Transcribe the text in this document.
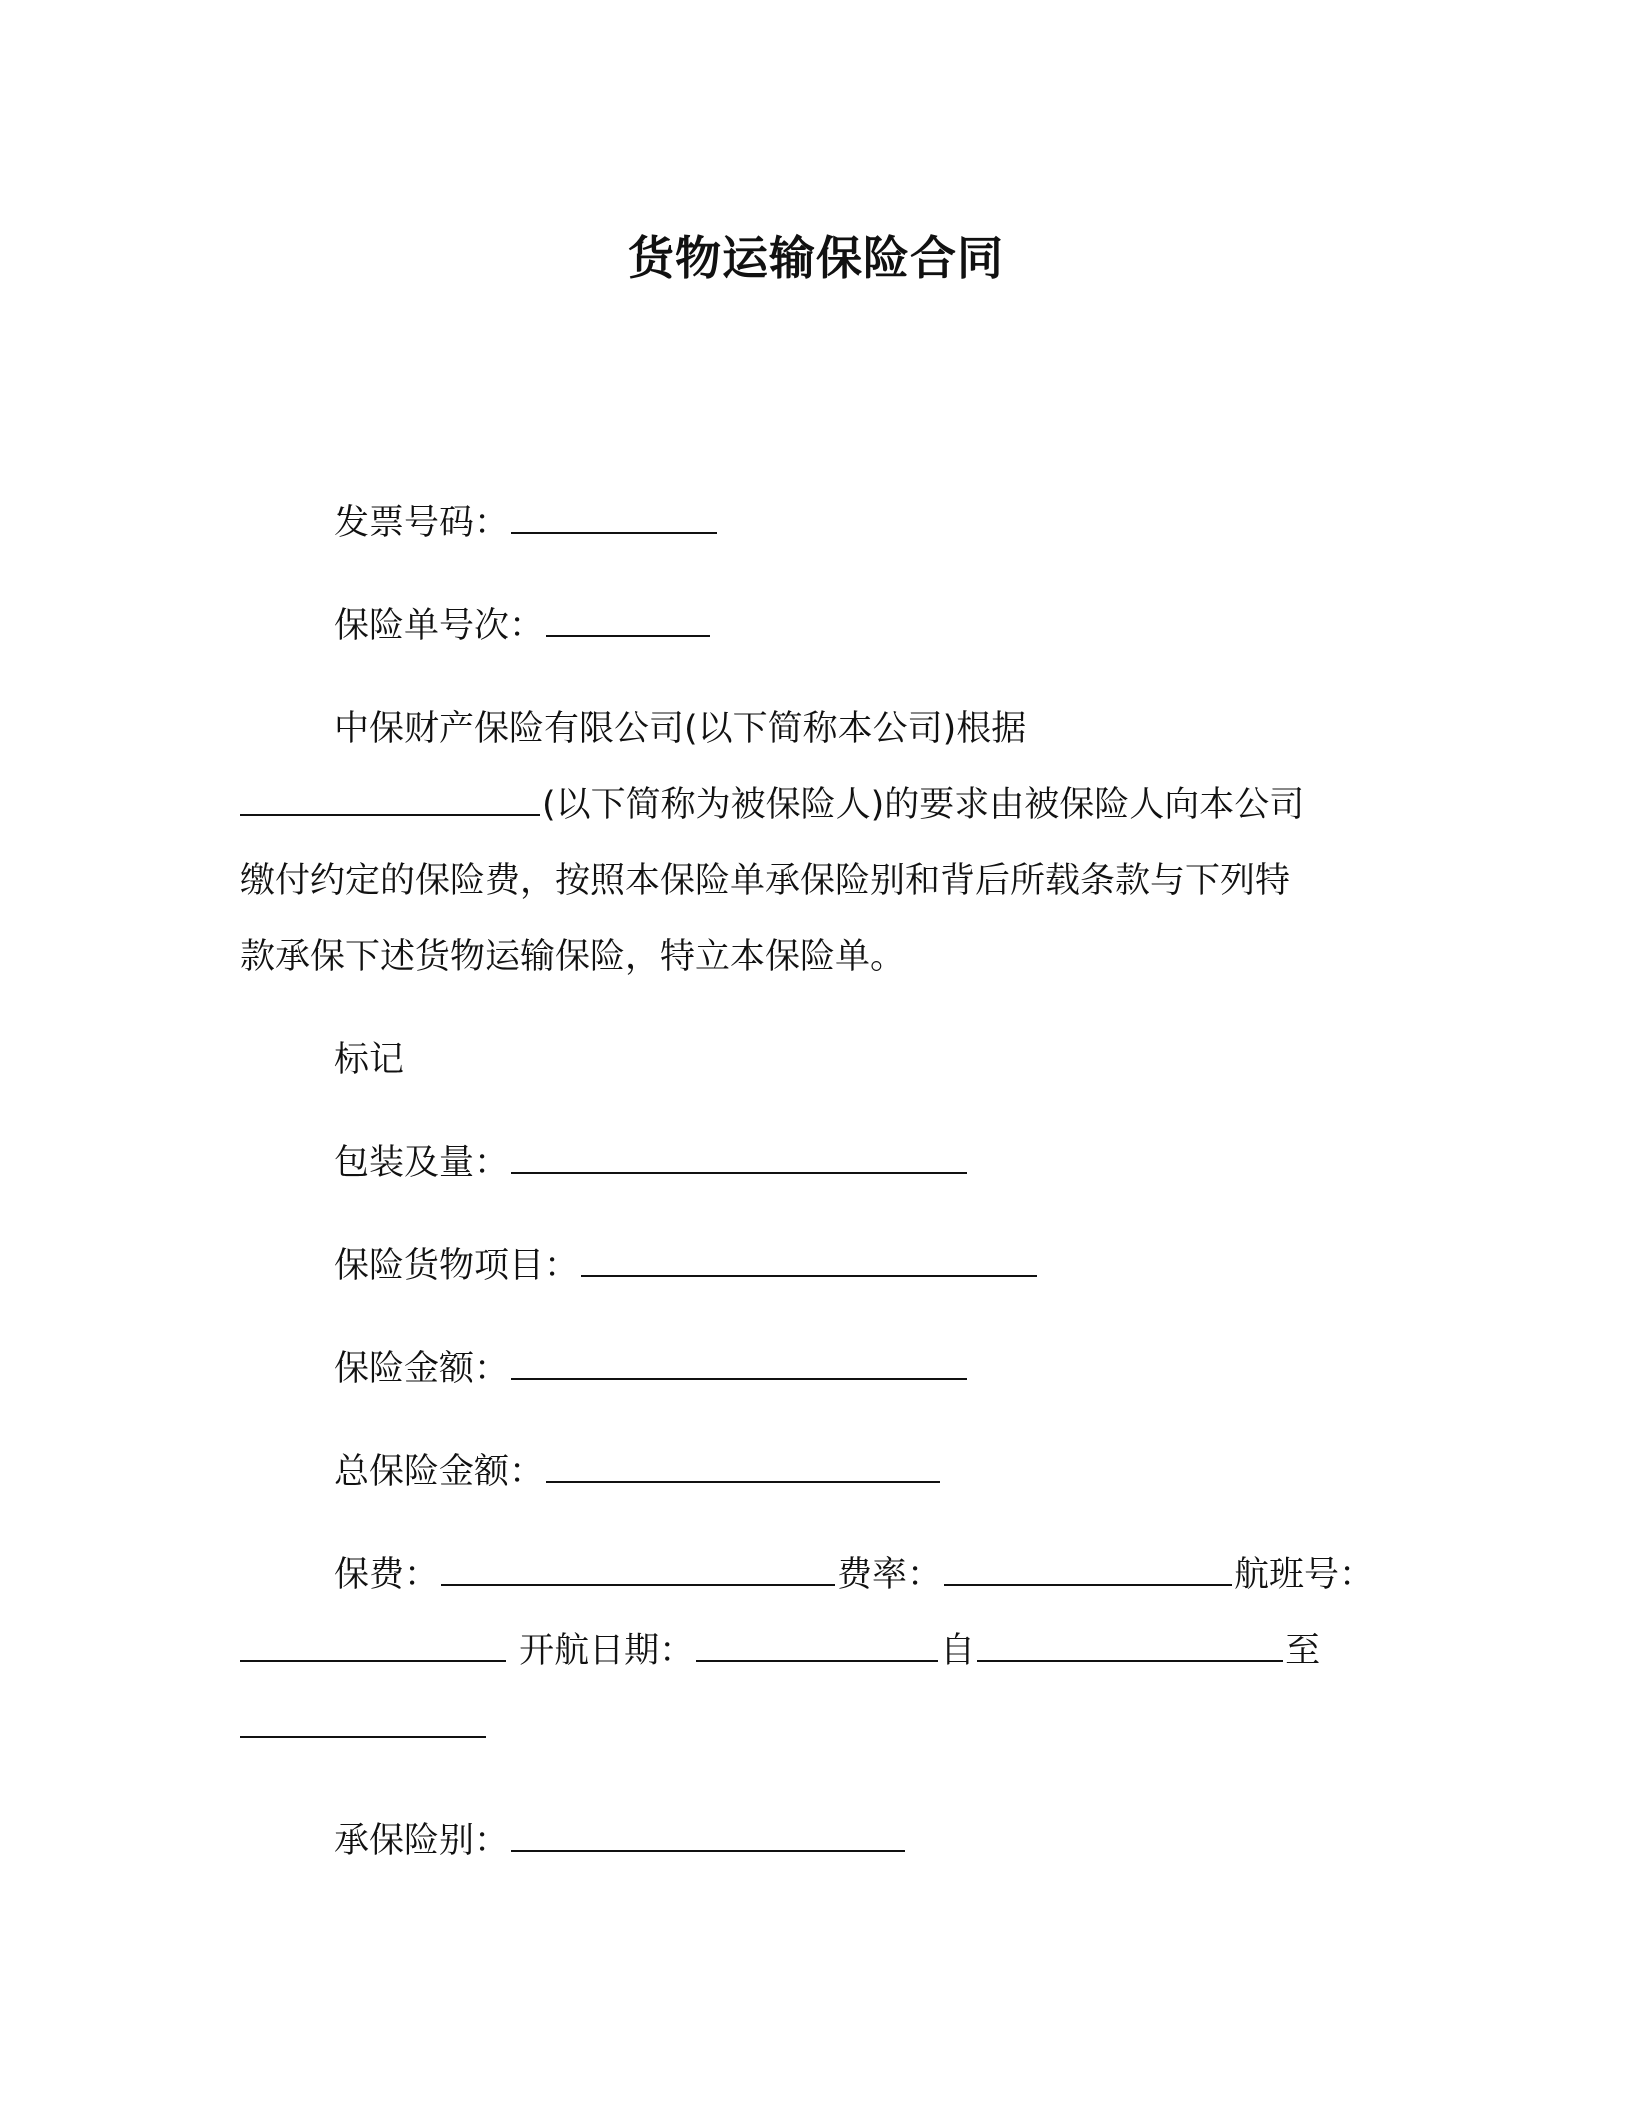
货物运输保险合同
发票号码：
保险单号次：
中保财产保险有限公司(以下简称本公司)根据
(以下简称为被保险人)的要求由被保险人向本公司
缴付约定的保险费，按照本保险单承保险别和背后所载条款与下列特
款承保下述货物运输保险，特立本保险单。
标记
包装及量：
保险货物项目：
保险金额：
总保险金额：
保费：	费率：	航班号：
开航日期：	自	至
承保险别：
